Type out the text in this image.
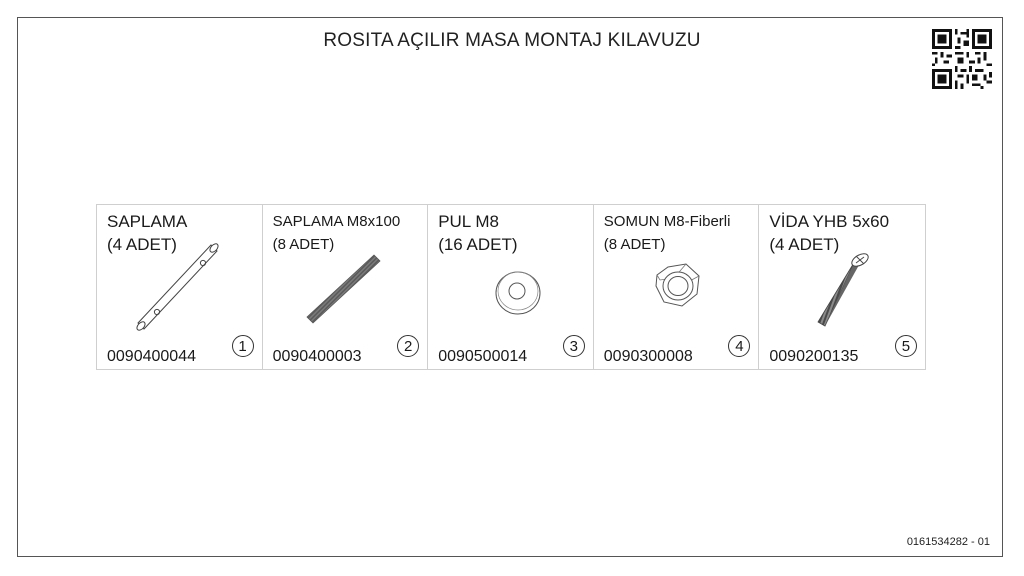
ROSITA AÇILIR MASA MONTAJ KILAVUZU
SAPLAMA
(4 ADET)
0090400044
1
SAPLAMA M8x100
(8 ADET)
0090400003
2
PUL M8
(16 ADET)
0090500014
3
SOMUN M8-Fiberli
(8 ADET)
0090300008
4
VİDA YHB 5x60
(4 ADET)
0090200135
5
0161534282 - 01
